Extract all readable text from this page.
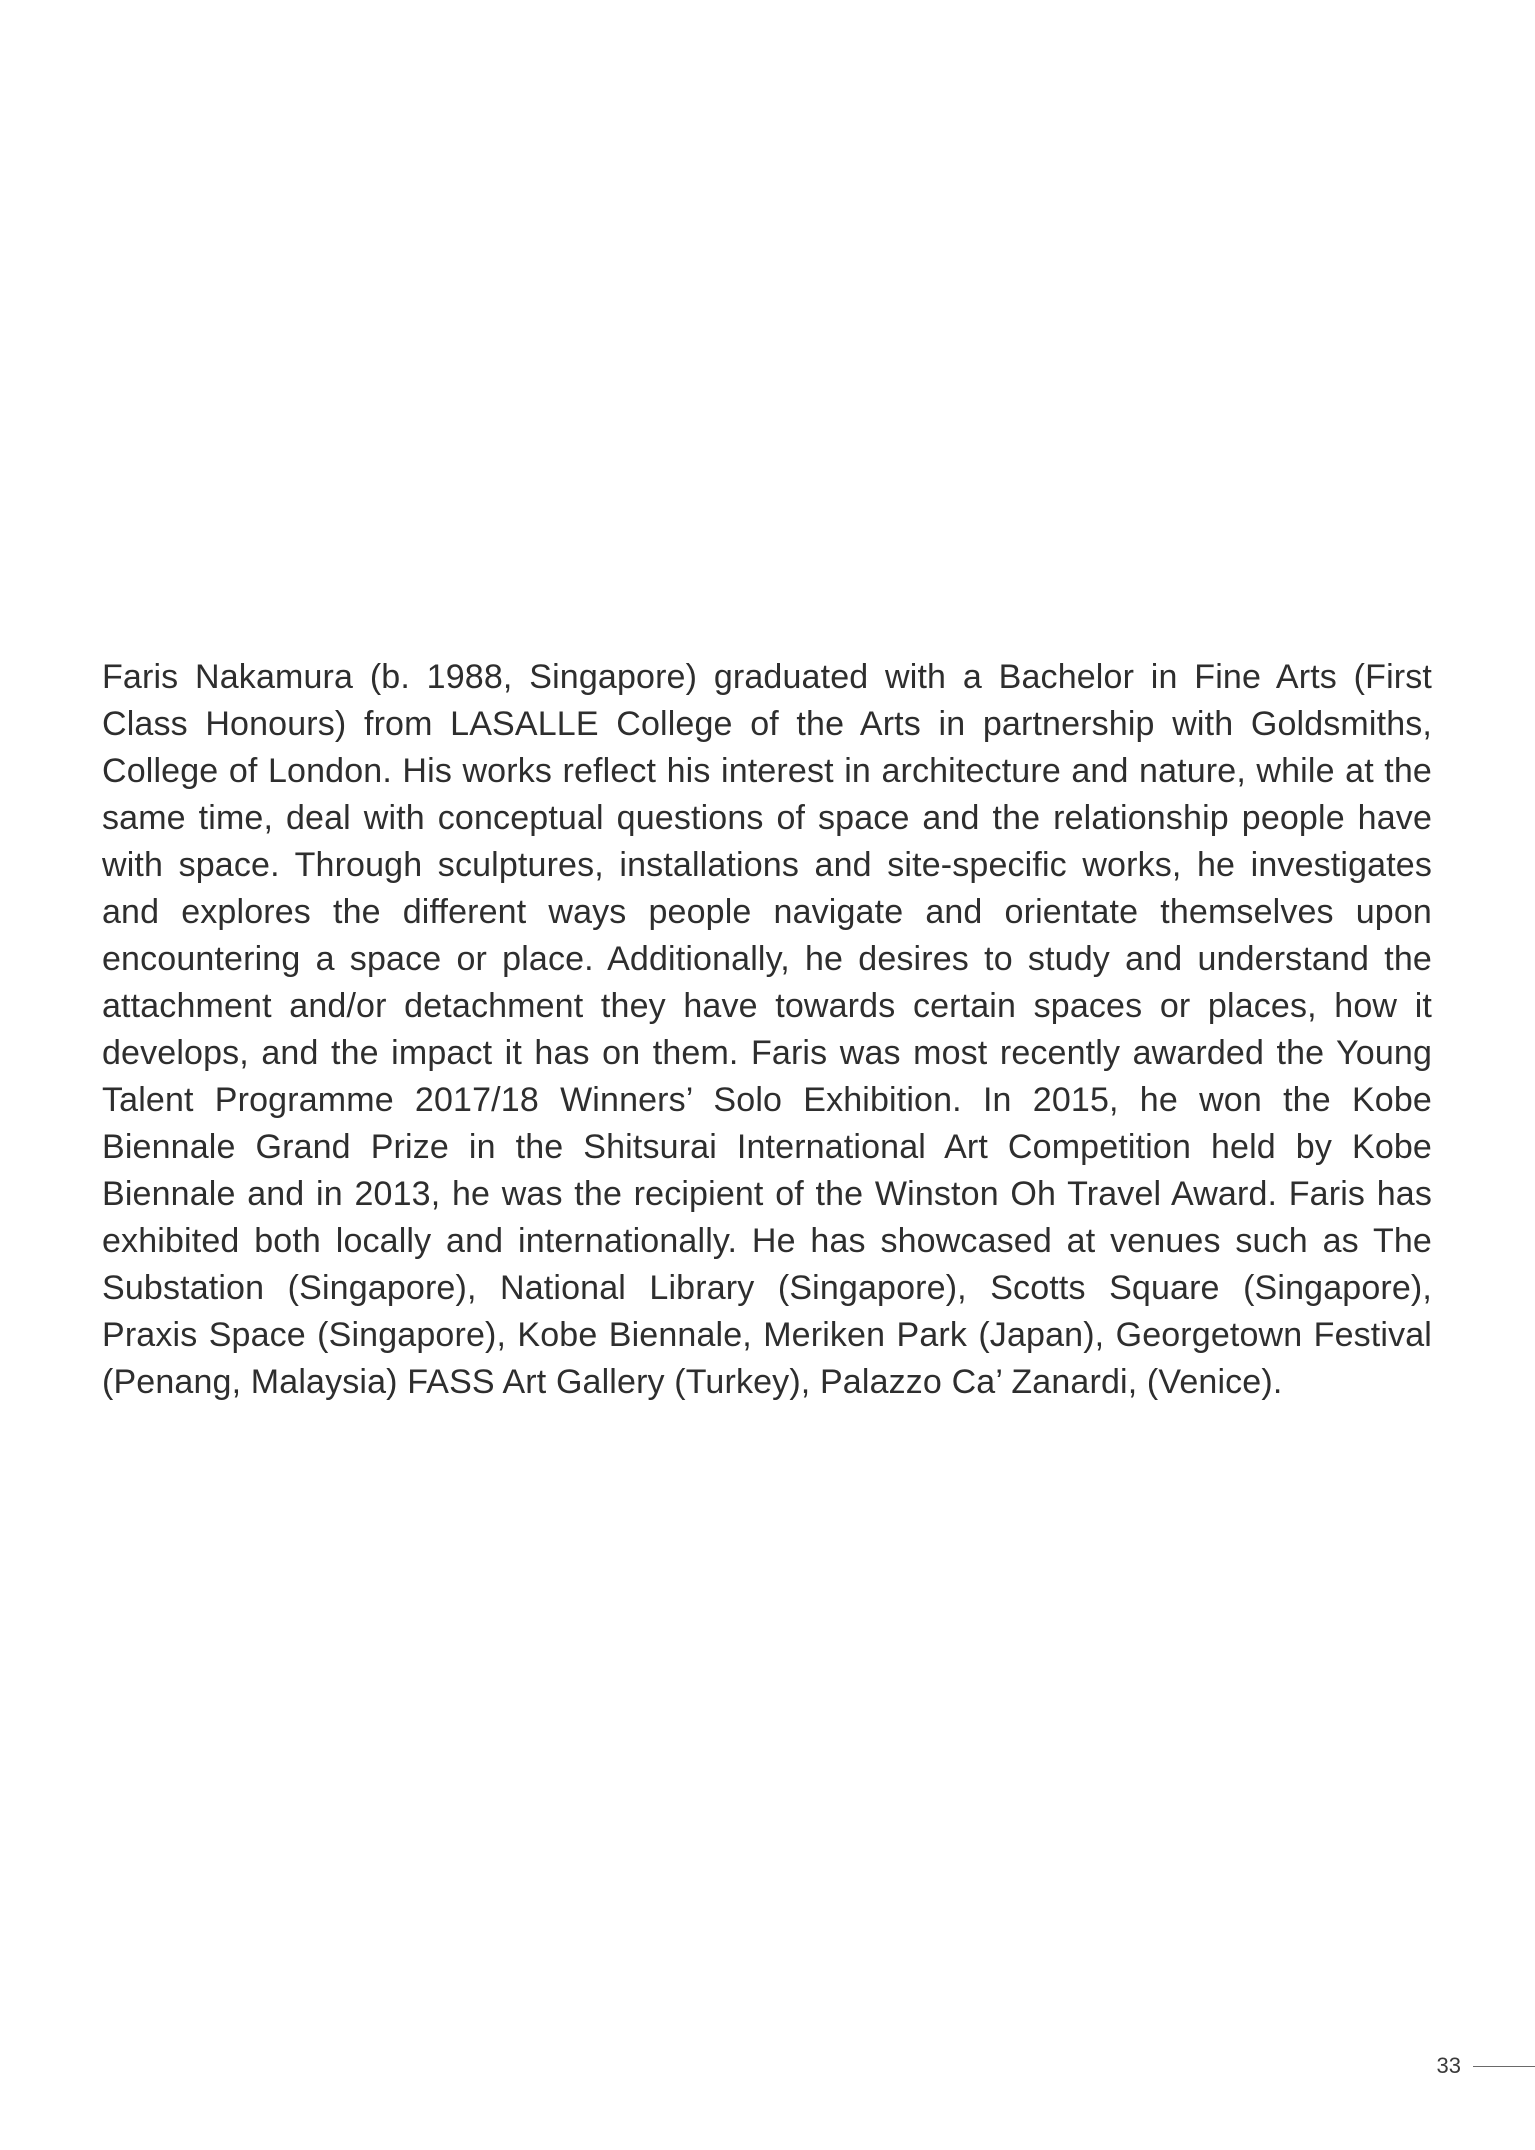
Faris Nakamura (b. 1988, Singapore) graduated with a Bachelor in Fine Arts (First Class Honours) from LASALLE College of the Arts in partnership with Goldsmiths, College of London. His works reflect his interest in architecture and nature, while at the same time, deal with conceptual questions of space and the relationship people have with space. Through sculptures, installations and site-specific works, he investigates and explores the different ways people navigate and orientate themselves upon encountering a space or place. Additionally, he desires to study and understand the attachment and/or detachment they have towards certain spaces or places, how it develops, and the impact it has on them. Faris was most recently awarded the Young Talent Programme 2017/18 Winners’ Solo Exhibition. In 2015, he won the Kobe Biennale Grand Prize in the Shitsurai International Art Competition held by Kobe Biennale and in 2013, he was the recipient of the Winston Oh Travel Award. Faris has exhibited both locally and internationally. He has showcased at venues such as The Substation (Singapore), National Library (Singapore), Scotts Square (Singapore), Praxis Space (Singapore), Kobe Biennale, Meriken Park (Japan), Georgetown Festival (Penang, Malaysia) FASS Art Gallery (Turkey), Palazzo Ca’ Zanardi, (Venice).

33
